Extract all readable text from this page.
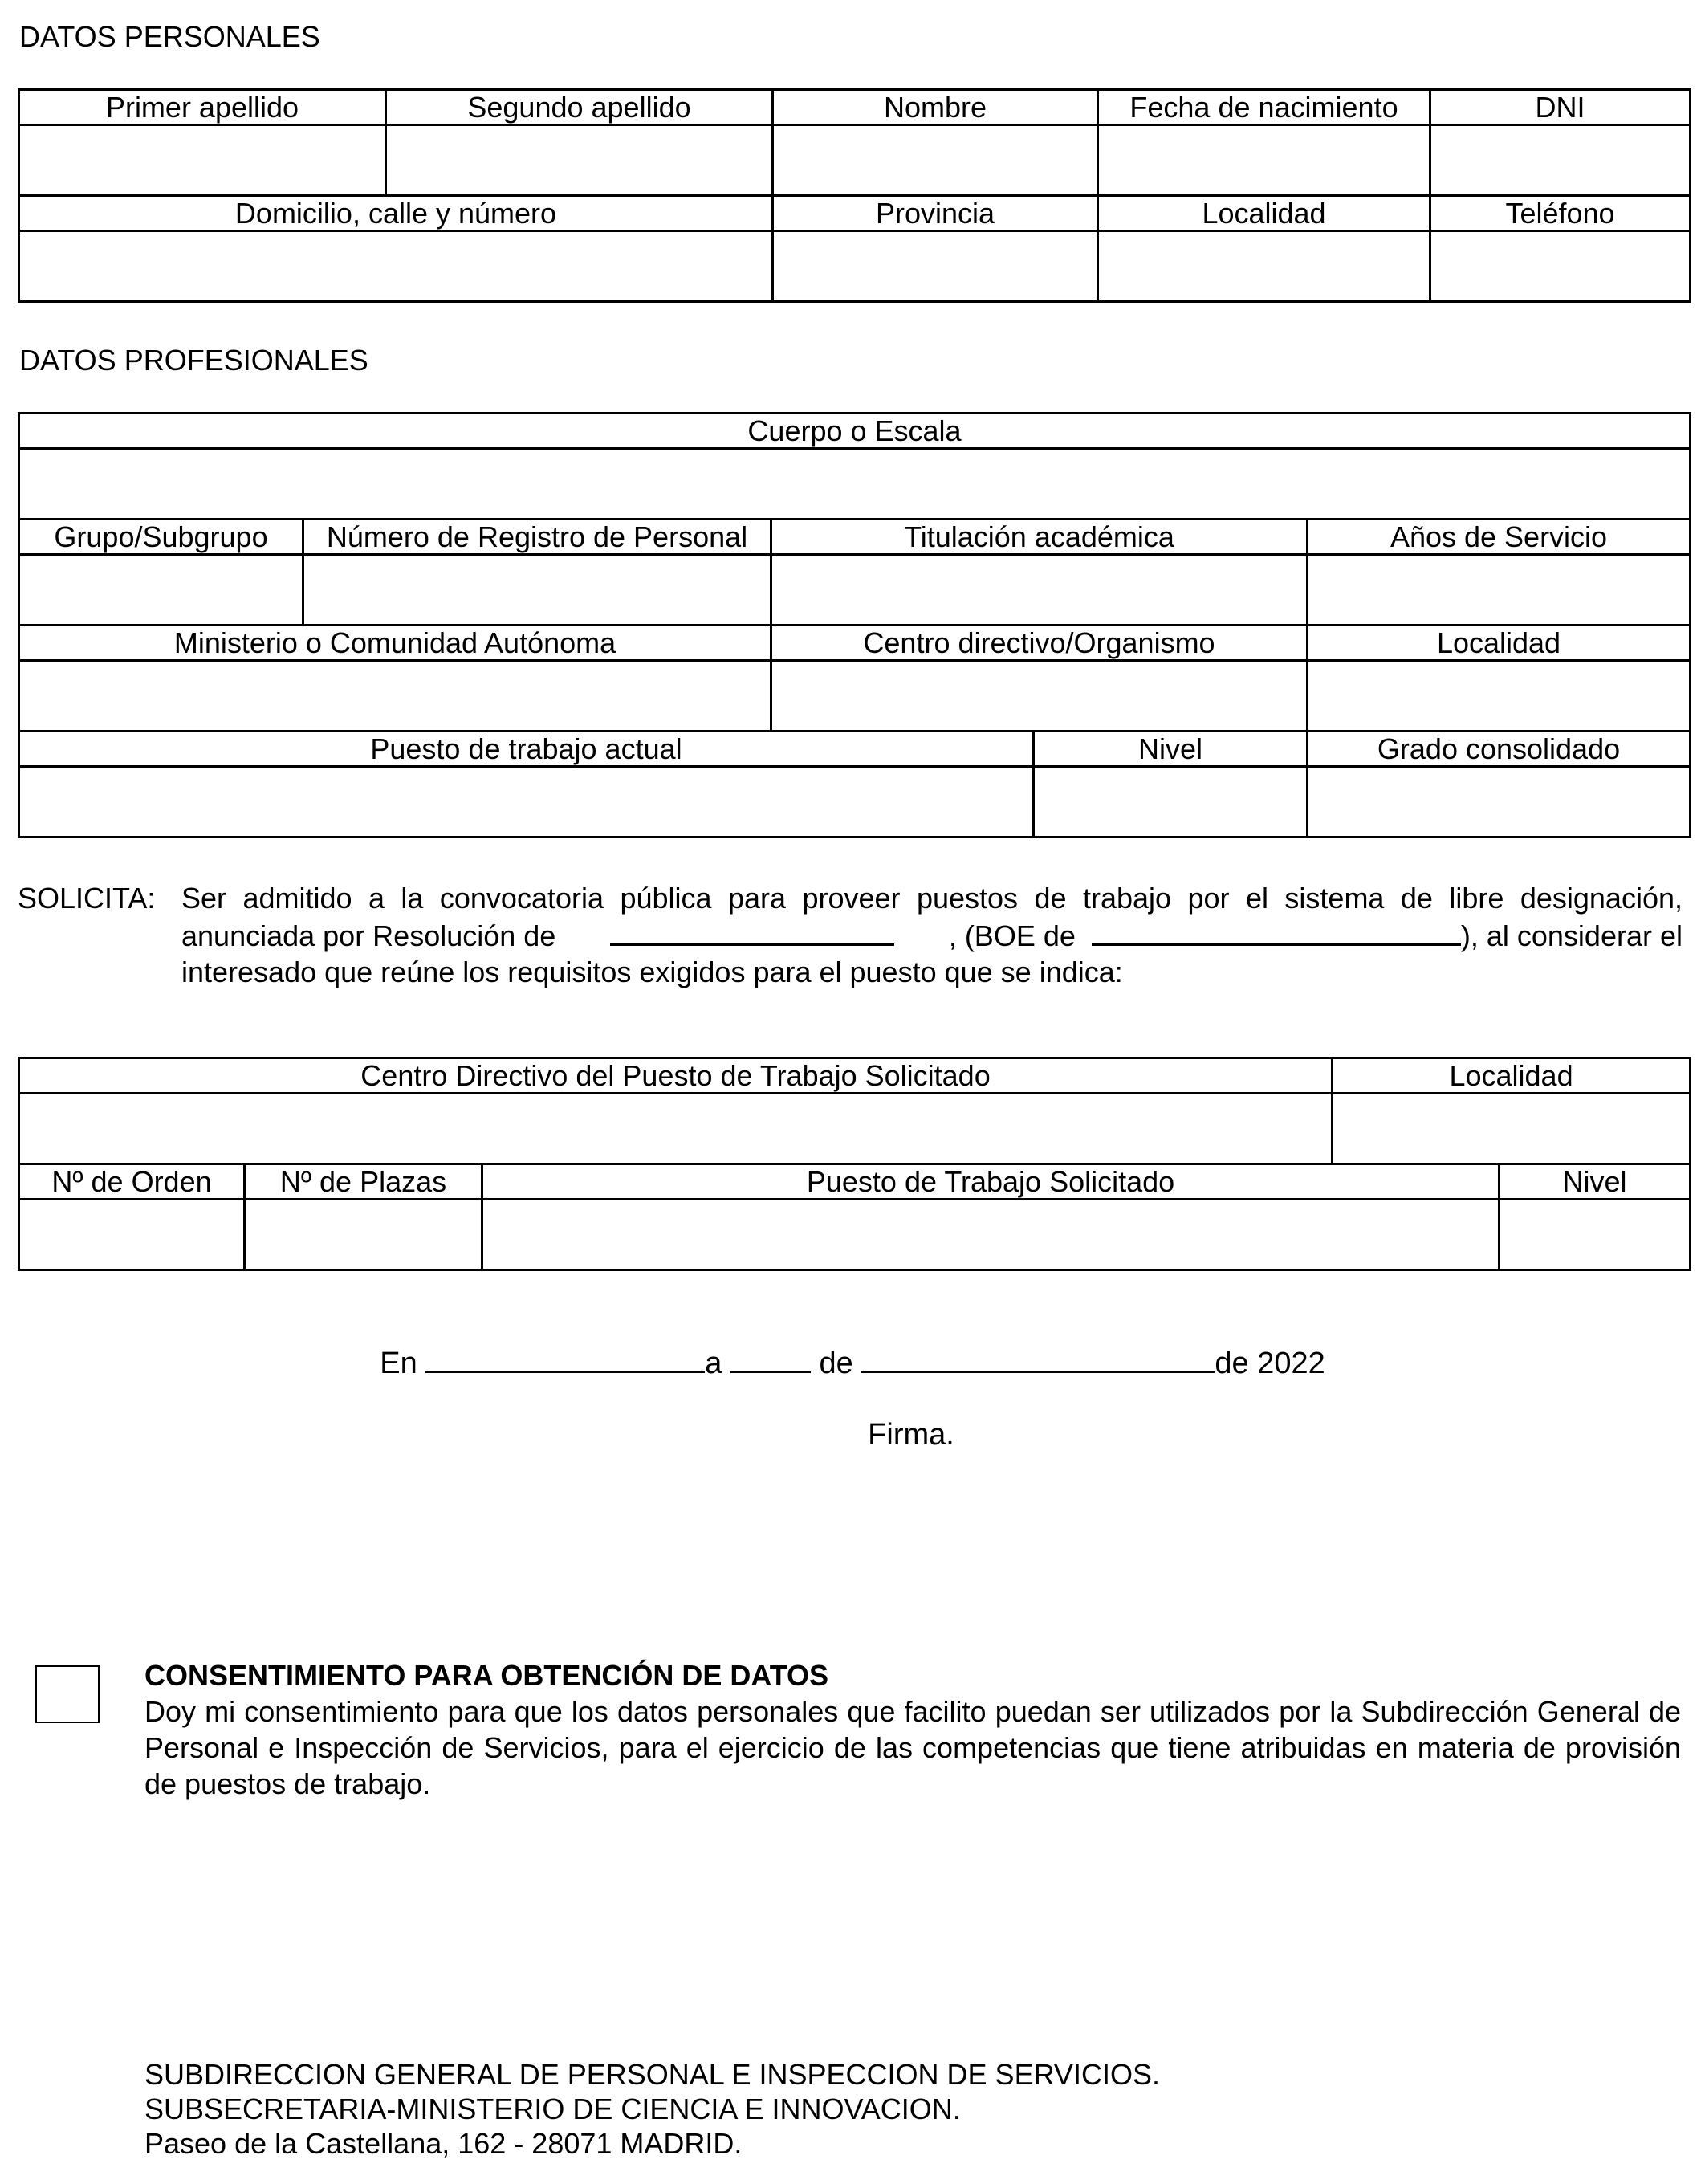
DATOS PERSONALES
Primer apellido	Segundo apellido	Nombre	Fecha de nacimiento	DNI

Domicilio, calle y número		Provincia	Localidad	Teléfono

DATOS PROFESIONALES
Cuerpo o Escala				

Grupo/Subgrupo	Número de Registro de Personal	Titulación académica		Años de Servicio

Ministerio o Comunidad Autónoma		Centro directivo/Organismo		Localidad

Puesto de trabajo actual			Nivel	Grado consolidado

SOLICITA: Ser admitido a la convocatoria pública para proveer puestos de trabajo por el sistema de libre designación,
anunciada por Resolución de	, (BOE de	), al considerar el
interesado que reúne los requisitos exigidos para el puesto que se indica:
Centro Directivo del Puesto de Trabajo Solicitado			Localidad	

Nº de Orden	Nº de Plazas	Puesto de Trabajo Solicitado		Nivel

En	a	de	de 2022
Firma.
CONSENTIMIENTO PARA OBTENCIÓN DE DATOS
Doy mi consentimiento para que los datos personales que facilito puedan ser utilizados por la Subdirección General de Personal e Inspección de Servicios, para el ejercicio de las competencias que tiene atribuidas en materia de provisión de puestos de trabajo.
SUBDIRECCION GENERAL DE PERSONAL E INSPECCION DE SERVICIOS.
SUBSECRETARIA-MINISTERIO DE CIENCIA E INNOVACION.
Paseo de la Castellana, 162 - 28071 MADRID.
